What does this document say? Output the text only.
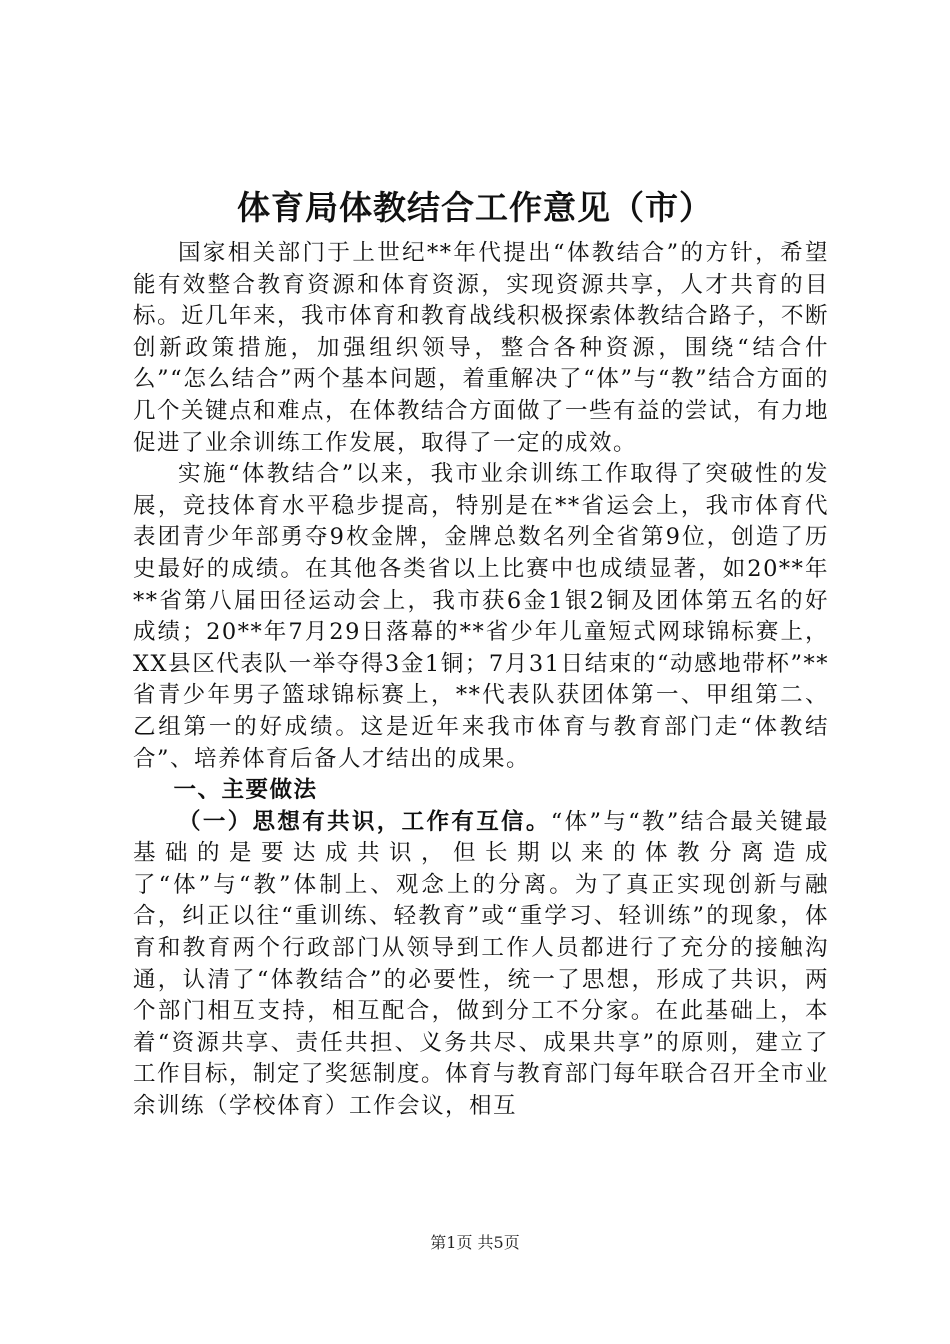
体育局体教结合工作意见（市）

国家相关部门于上世纪**年代提出“体教结合”的方针，希望能有效整合教育资源和体育资源，实现资源共享，人才共育的目标。近几年来，我市体育和教育战线积极探索体教结合路子，不断创新政策措施，加强组织领导，整合各种资源，围绕“结合什么”“怎么结合”两个基本问题，着重解决了“体”与“教”结合方面的几个关键点和难点，在体教结合方面做了一些有益的尝试，有力地促进了业余训练工作发展，取得了一定的成效。

实施“体教结合”以来，我市业余训练工作取得了突破性的发展，竞技体育水平稳步提高，特别是在**省运会上，我市体育代表团青少年部勇夺9枚金牌，金牌总数名列全省第9位，创造了历史最好的成绩。在其他各类省以上比赛中也成绩显著，如20**年**省第八届田径运动会上，我市获6金1银2铜及团体第五名的好成绩；20**年7月29日落幕的**省少年儿童短式网球锦标赛上，XX县区代表队一举夺得3金1铜；7月31日结束的“动感地带杯”**省青少年男子篮球锦标赛上，**代表队获团体第一、甲组第二、乙组第一的好成绩。这是近年来我市体育与教育部门走“体教结合”、培养体育后备人才结出的成果。

一、主要做法

（一）思想有共识，工作有互信。“体”与“教”结合最关键最基础的是要达成共识，但长期以来的体教分离造成了“体”与“教”体制上、观念上的分离。为了真正实现创新与融合，纠正以往“重训练、轻教育”或“重学习、轻训练”的现象，体育和教育两个行政部门从领导到工作人员都进行了充分的接触沟通，认清了“体教结合”的必要性，统一了思想，形成了共识，两个部门相互支持，相互配合，做到分工不分家。在此基础上，本着“资源共享、责任共担、义务共尽、成果共享”的原则，建立了工作目标，制定了奖惩制度。体育与教育部门每年联合召开全市业余训练（学校体育）工作会议，相互

第1页 共5页
